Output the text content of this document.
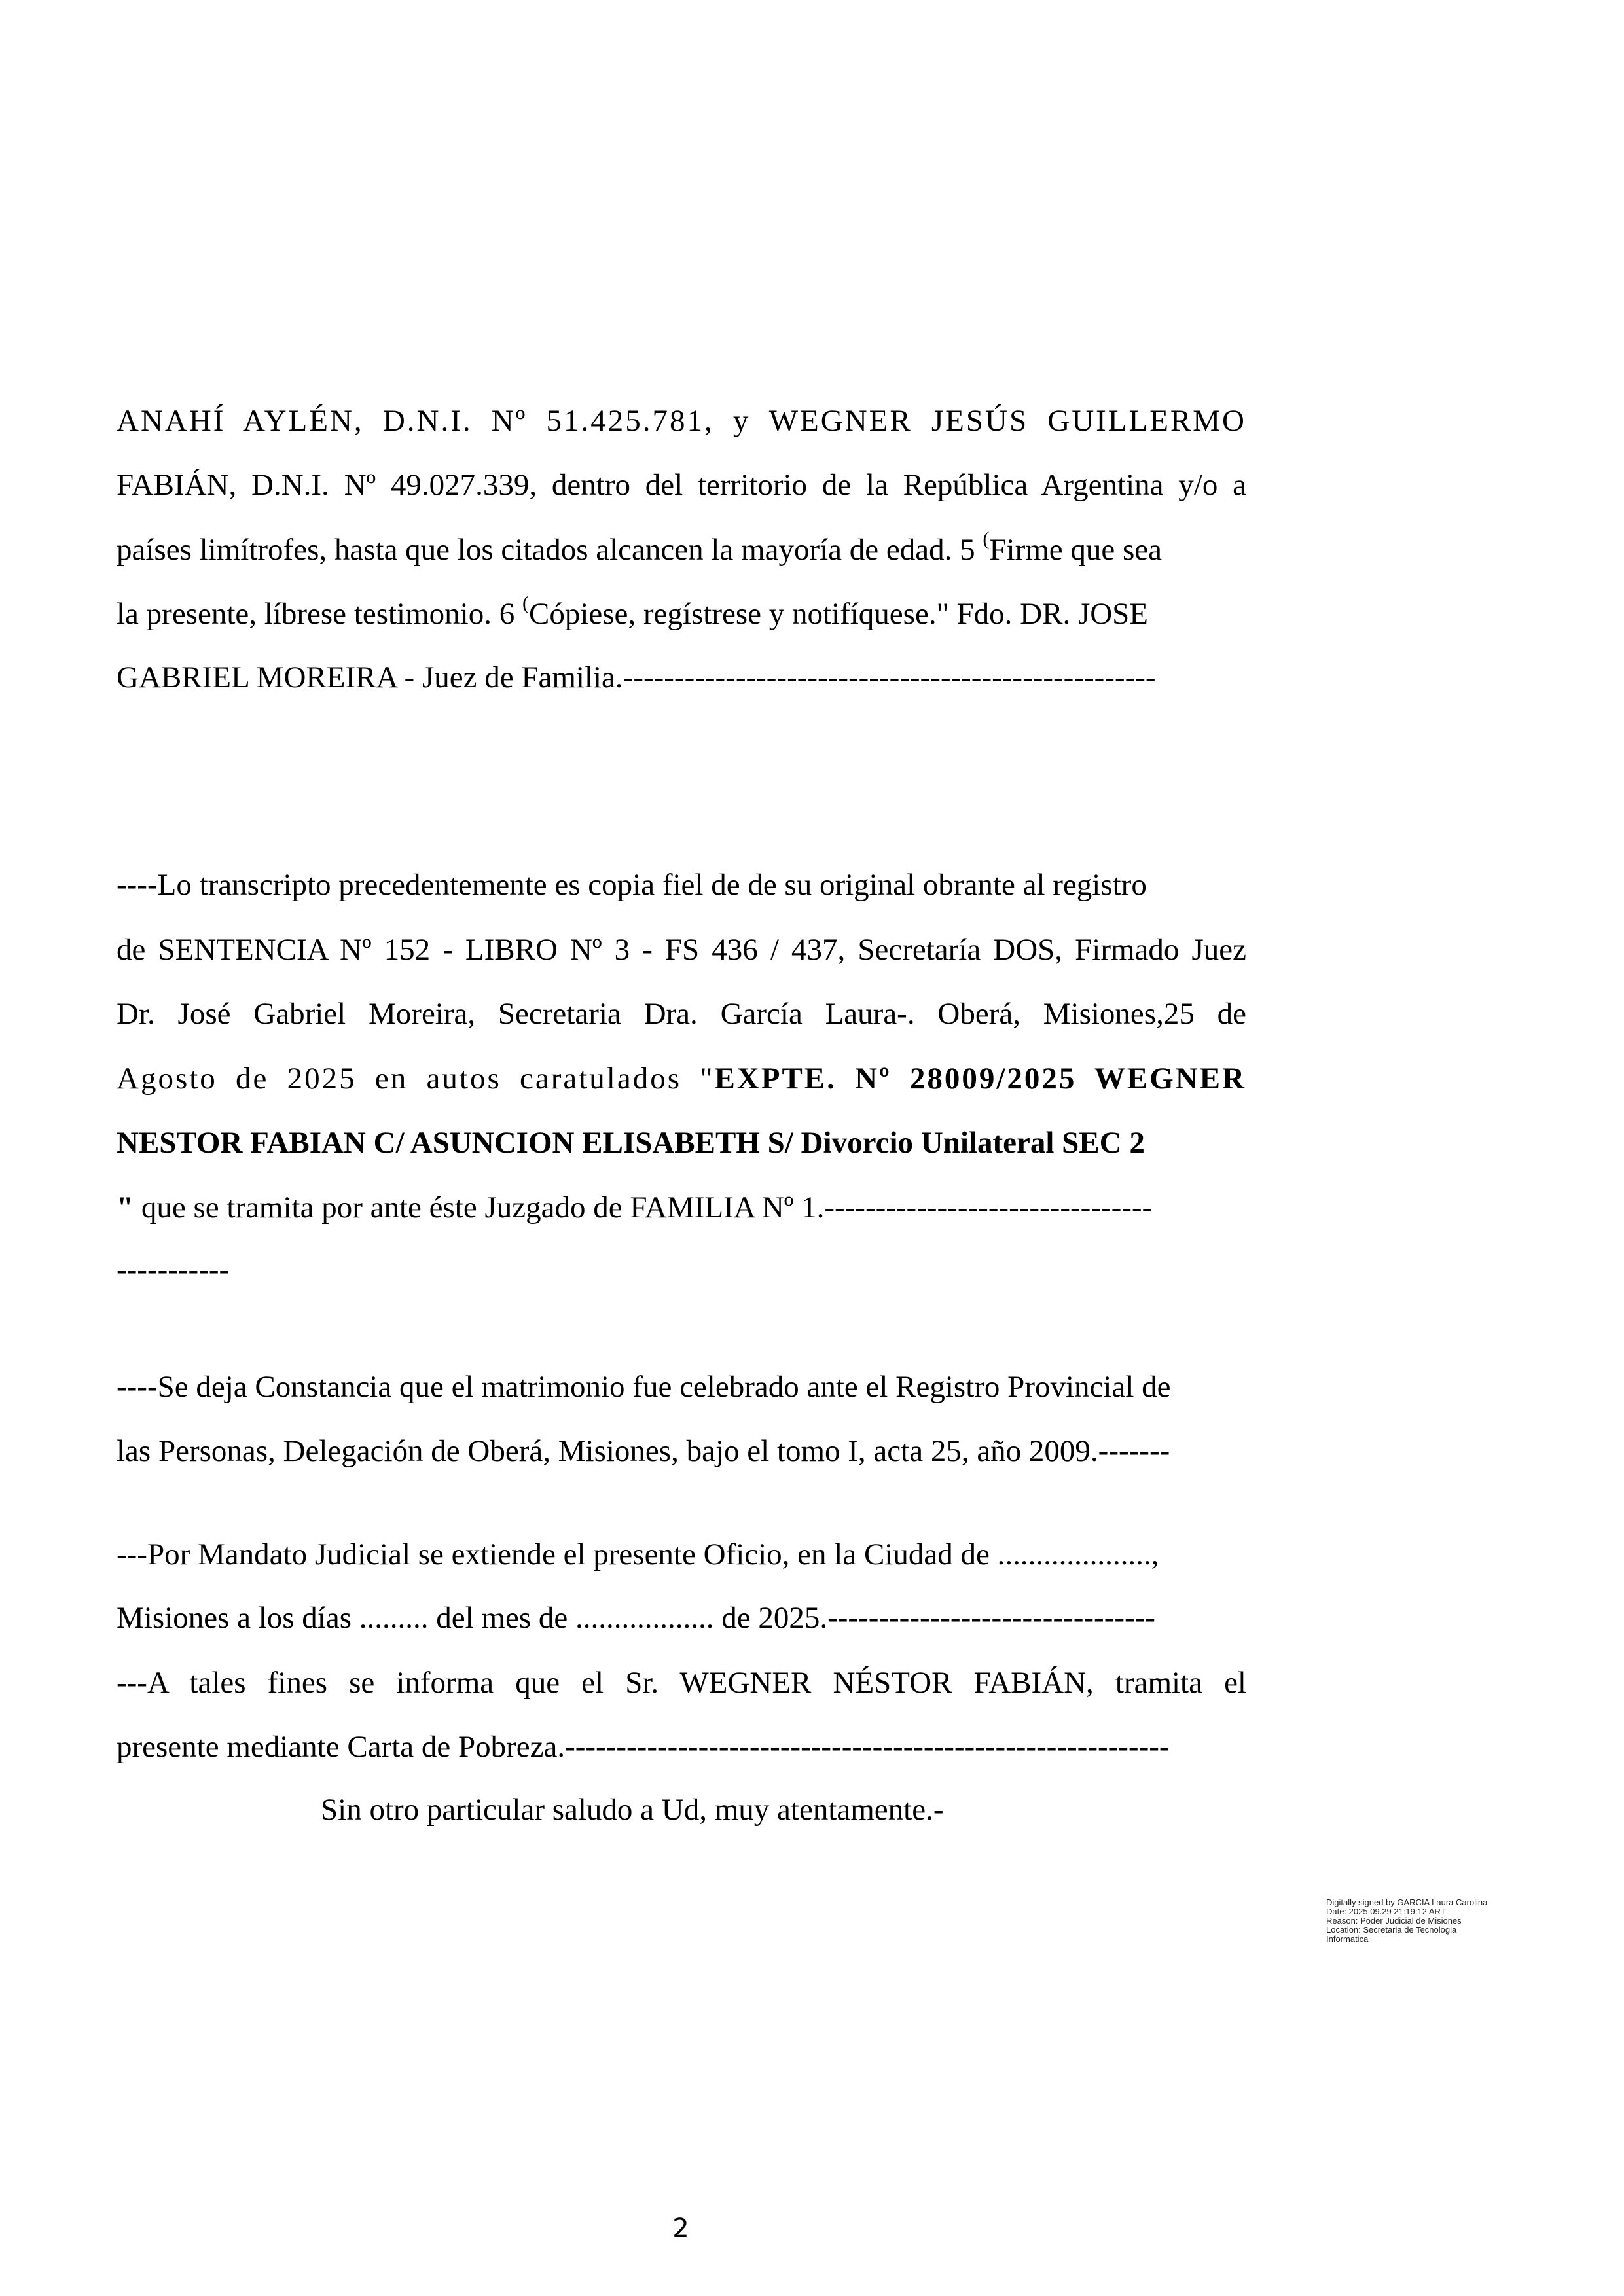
ANAHÍ AYLÉN, D.N.I. Nº 51.425.781, y WEGNER JESÚS GUILLERMO
FABIÁN, D.N.I. Nº 49.027.339, dentro del territorio de la República Argentina y/o a
países limítrofes, hasta que los citados alcancen la mayoría de edad. 5 (Firme que sea
la presente, líbrese testimonio. 6 (Cópiese, regístrese y notifíquese." Fdo. DR. JOSE
GABRIEL MOREIRA - Juez de Familia.----------------------------------------------------
----Lo transcripto precedentemente es copia fiel de de su original obrante al registro
de SENTENCIA Nº 152 - LIBRO Nº 3 - FS 436 / 437, Secretaría DOS, Firmado Juez
Dr. José Gabriel Moreira, Secretaria Dra. García Laura-. Oberá, Misiones,25 de
Agosto de 2025 en autos caratulados "EXPTE. Nº 28009/2025 WEGNER
NESTOR FABIAN C/ ASUNCION ELISABETH S/ Divorcio Unilateral SEC 2
" que se tramita por ante éste Juzgado de FAMILIA Nº 1.--------------------------------
-----------
----Se deja Constancia que el matrimonio fue celebrado ante el Registro Provincial de
las Personas, Delegación de Oberá, Misiones, bajo el tomo I, acta 25, año 2009.-------
---Por Mandato Judicial se extiende el presente Oficio, en la Ciudad de ....................,
Misiones a los días ......... del mes de .................. de 2025.--------------------------------
---A tales fines se informa que el Sr. WEGNER NÉSTOR FABIÁN, tramita el
presente mediante Carta de Pobreza.-----------------------------------------------------------
Sin otro particular saludo a Ud, muy atentamente.-
Digitally signed by GARCIA Laura Carolina
Date: 2025.09.29 21:19:12 ART
Reason: Poder Judicial de Misiones
Location: Secretaria de Tecnologia
Informatica
2
